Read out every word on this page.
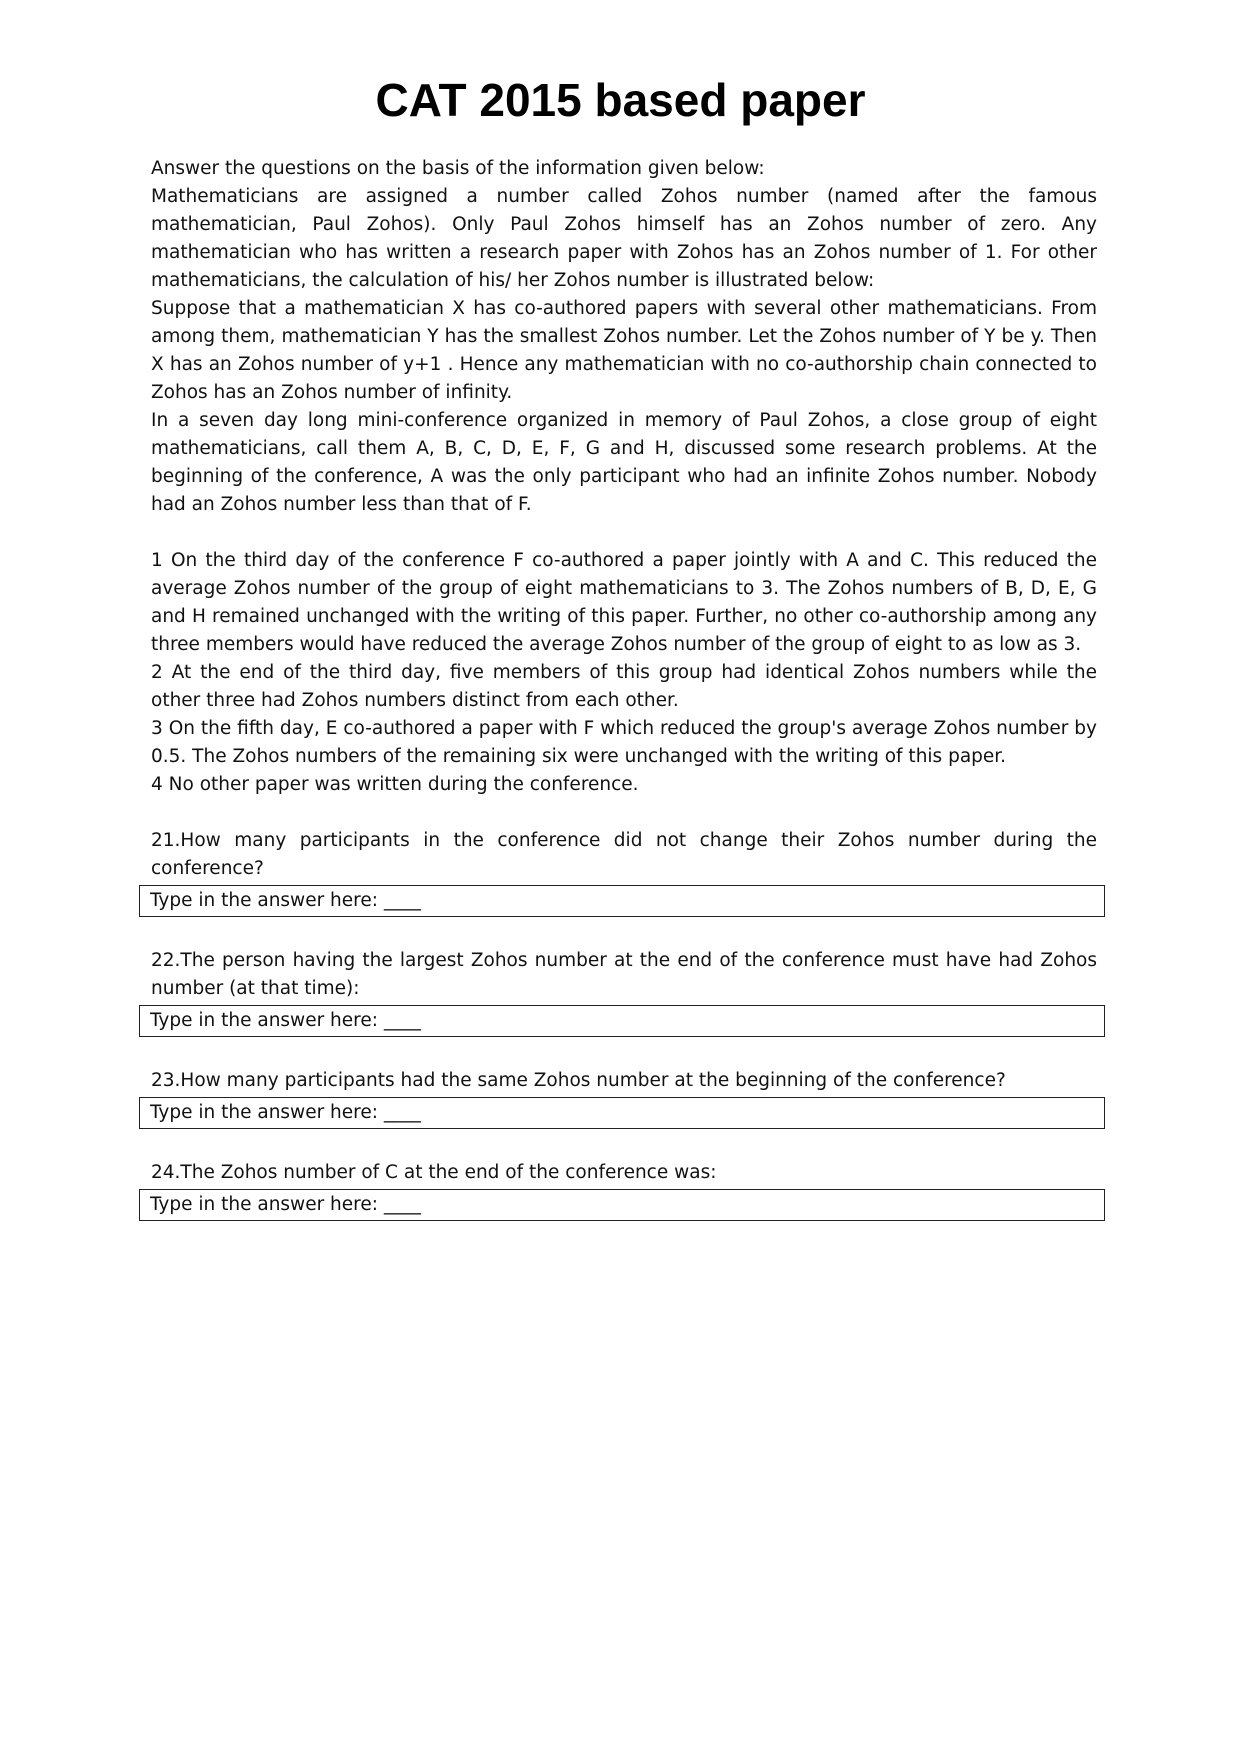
CAT 2015 based paper

Answer the questions on the basis of the information given below:

Mathematicians are assigned a number called Zohos number (named after the famous mathematician, Paul Zohos). Only Paul Zohos himself has an Zohos number of zero. Any mathematician who has written a research paper with Zohos has an Zohos number of 1. For other mathematicians, the calculation of his/ her Zohos number is illustrated below:

Suppose that a mathematician X has co-authored papers with several other mathematicians. From among them, mathematician Y has the smallest Zohos number. Let the Zohos number of Y be y. Then X has an Zohos number of y+1 . Hence any mathematician with no co-authorship chain connected to Zohos has an Zohos number of infinity.

In a seven day long mini-conference organized in memory of Paul Zohos, a close group of eight mathematicians, call them A, B, C, D, E, F, G and H, discussed some research problems. At the beginning of the conference, A was the only participant who had an infinite Zohos number. Nobody had an Zohos number less than that of F.

1 On the third day of the conference F co-authored a paper jointly with A and C. This reduced the average Zohos number of the group of eight mathematicians to 3. The Zohos numbers of B, D, E, G and H remained unchanged with the writing of this paper. Further, no other co-authorship among any three members would have reduced the average Zohos number of the group of eight to as low as 3.

2 At the end of the third day, five members of this group had identical Zohos numbers while the other three had Zohos numbers distinct from each other.

3 On the fifth day, E co-authored a paper with F which reduced the group's average Zohos number by 0.5. The Zohos numbers of the remaining six were unchanged with the writing of this paper.

4 No other paper was written during the conference.

21.How many participants in the conference did not change their Zohos number during the conference?

Type in the answer here: ____

22.The person having the largest Zohos number at the end of the conference must have had Zohos number (at that time):

Type in the answer here: ____

23.How many participants had the same Zohos number at the beginning of the conference?

Type in the answer here: ____

24.The Zohos number of C at the end of the conference was:

Type in the answer here: ____
